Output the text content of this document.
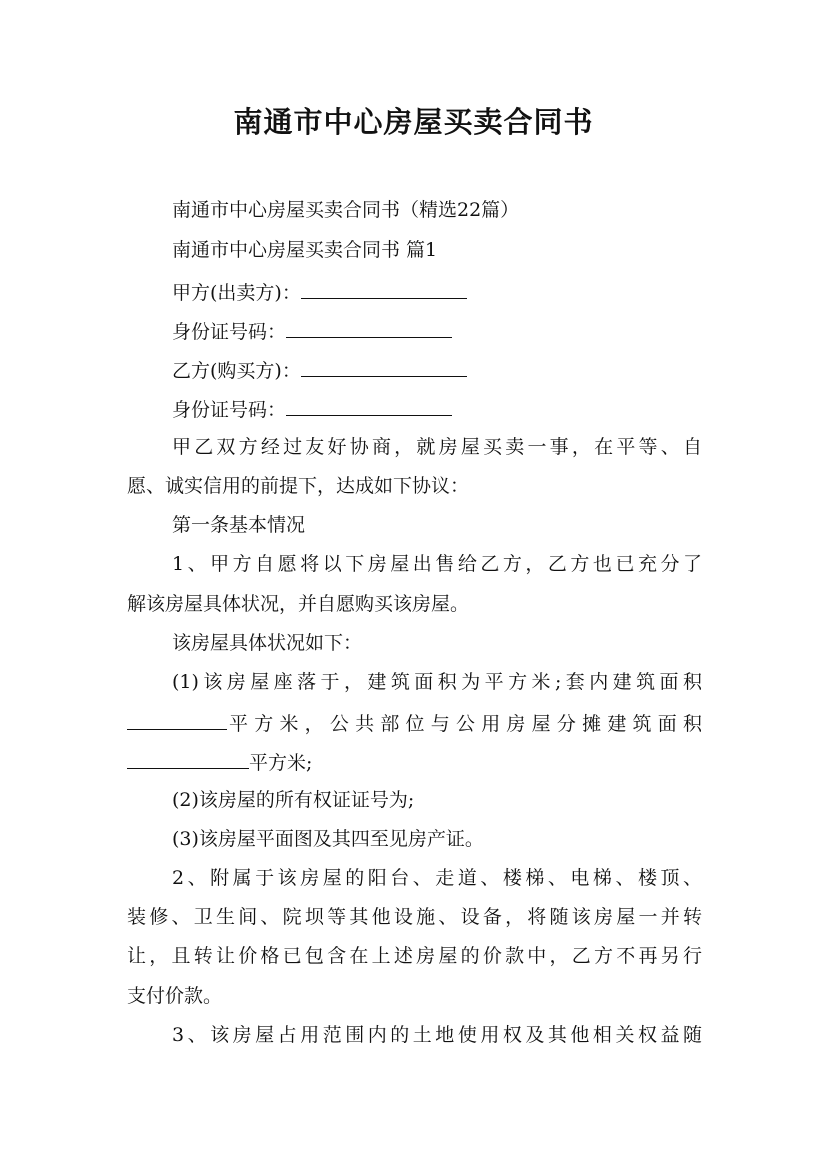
南通市中心房屋买卖合同书
南通市中心房屋买卖合同书（精选22篇）
南通市中心房屋买卖合同书 篇1
甲方(出卖方)：
身份证号码：
乙方(购买方)：
身份证号码：
甲乙双方经过友好协商，就房屋买卖一事，在平等、自
愿、诚实信用的前提下，达成如下协议：
第一条基本情况
1、甲方自愿将以下房屋出售给乙方，乙方也已充分了
解该房屋具体状况，并自愿购买该房屋。
该房屋具体状况如下：
(1)该房屋座落于，建筑面积为平方米;套内建筑面积
平方米，公共部位与公用房屋分摊建筑面积
平方米;
(2)该房屋的所有权证证号为;
(3)该房屋平面图及其四至见房产证。
2、附属于该房屋的阳台、走道、楼梯、电梯、楼顶、
装修、卫生间、院坝等其他设施、设备，将随该房屋一并转
让，且转让价格已包含在上述房屋的价款中，乙方不再另行
支付价款。
3、该房屋占用范围内的土地使用权及其他相关权益随
